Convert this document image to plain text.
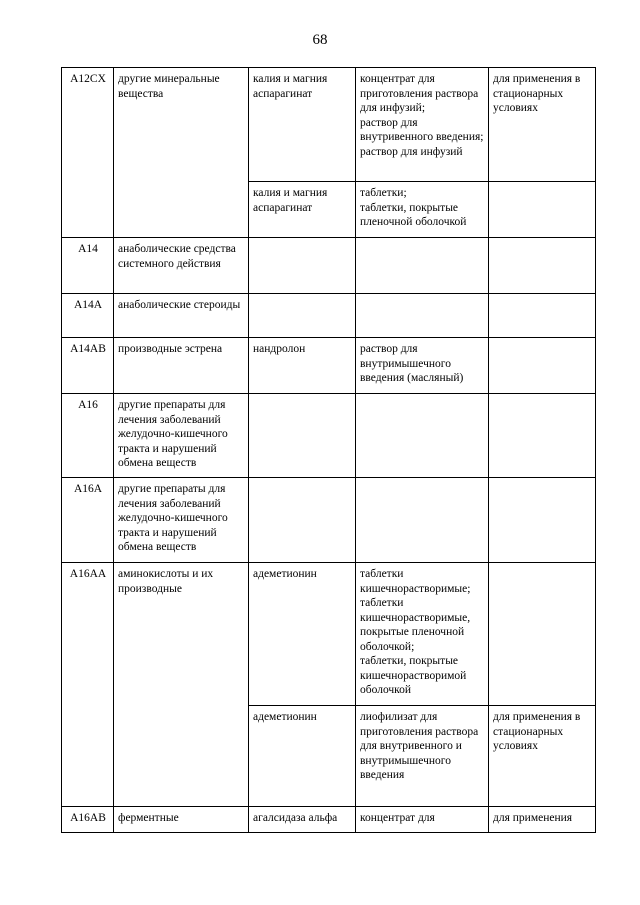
68
A12CX	другие минеральные вещества	калия и магния аспарагинат	концентрат для приготовления раствора для инфузий;
раствор для внутривенного введения;
раствор для инфузий	для применения в стационарных условиях
		калия и магния аспарагинат	таблетки;
таблетки, покрытые пленочной оболочкой	
A14	анаболические средства системного действия			
A14A	анаболические стероиды			
A14AB	производные эстрена	нандролон	раствор для внутримышечного введения (масляный)	
A16	другие препараты для лечения заболеваний желудочно-кишечного тракта и нарушений обмена веществ			
A16A	другие препараты для лечения заболеваний желудочно-кишечного тракта и нарушений обмена веществ			
A16AA	аминокислоты и их производные	адеметионин	таблетки кишечнорастворимые;
таблетки кишечнорастворимые, покрытые пленочной оболочкой;
таблетки, покрытые кишечнорастворимой оболочкой	
		адеметионин	лиофилизат для приготовления раствора для внутривенного и внутримышечного введения	для применения в стационарных условиях
A16AB	ферментные	агалсидаза альфа	концентрат для	для применения
